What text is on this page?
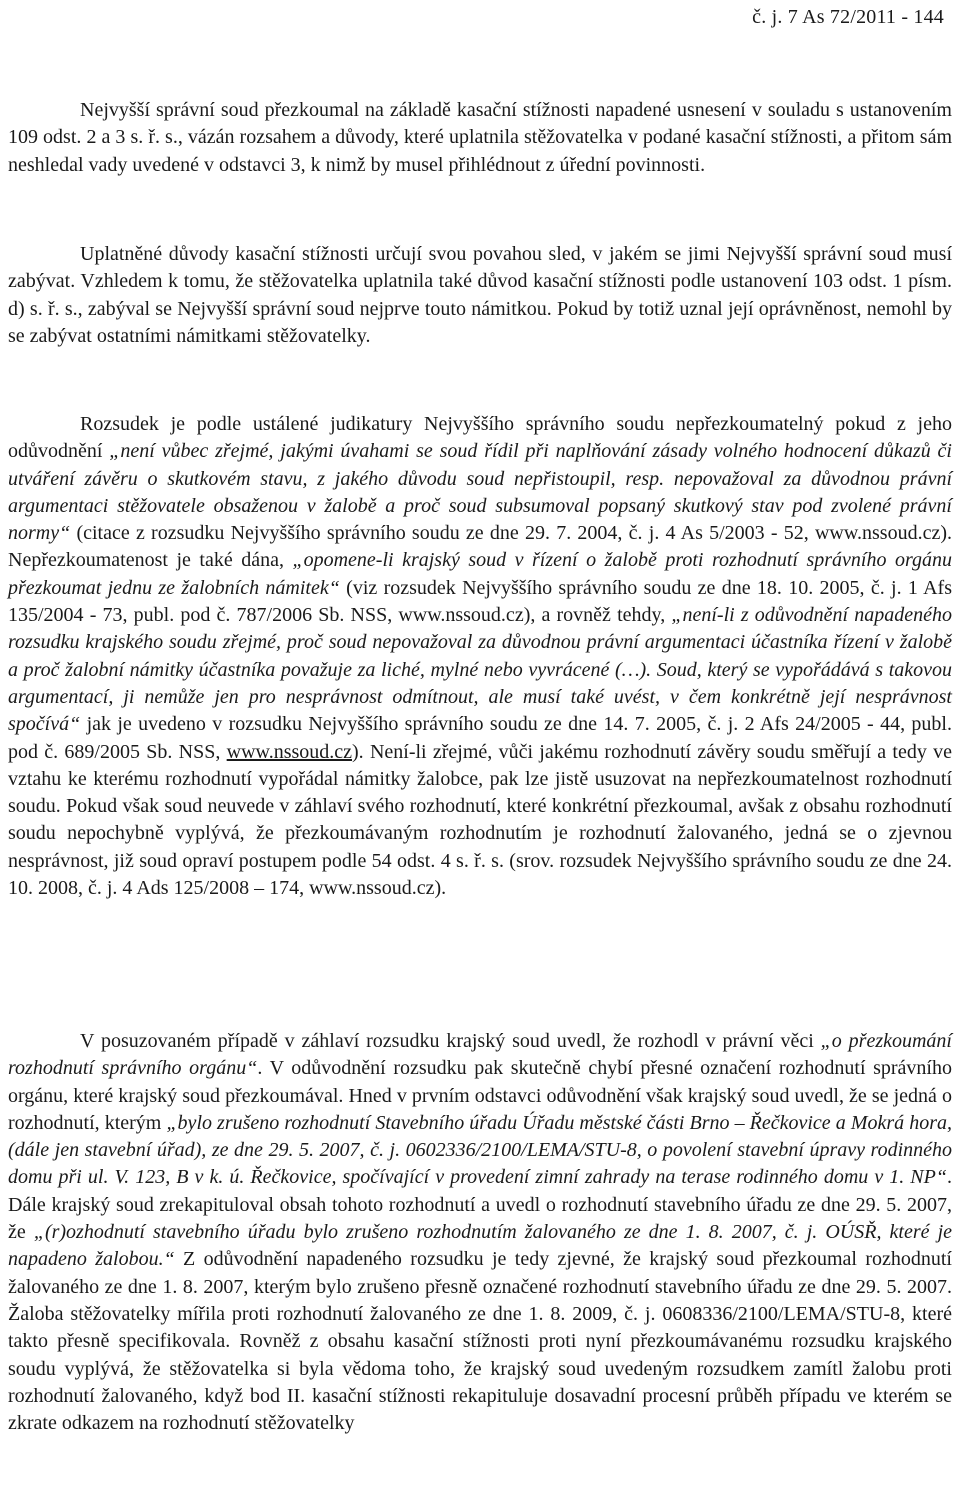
č. j. 7 As 72/2011 - 144

Nejvyšší správní soud přezkoumal na základě kasační stížnosti napadené usnesení v souladu s ustanovením 109 odst. 2 a 3 s. ř. s., vázán rozsahem a důvody, které uplatnila stěžovatelka v podané kasační stížnosti, a přitom sám neshledal vady uvedené v odstavci 3, k nimž by musel přihlédnout z úřední povinnosti.

Uplatněné důvody kasační stížnosti určují svou povahou sled, v jakém se jimi Nejvyšší správní soud musí zabývat. Vzhledem k tomu, že stěžovatelka uplatnila také důvod kasační stížnosti podle ustanovení 103 odst. 1 písm. d) s. ř. s., zabýval se Nejvyšší správní soud nejprve touto námitkou. Pokud by totiž uznal její oprávněnost, nemohl by se zabývat ostatními námitkami stěžovatelky.

Rozsudek je podle ustálené judikatury Nejvyššího správního soudu nepřezkoumatelný pokud z jeho odůvodnění „není vůbec zřejmé, jakými úvahami se soud řídil při naplňování zásady volného hodnocení důkazů či utváření závěru o skutkovém stavu, z jakého důvodu soud nepřistoupil, resp. nepovažoval za důvodnou právní argumentaci stěžovatele obsaženou v žalobě a proč soud subsumoval popsaný skutkový stav pod zvolené právní normy“ (citace z rozsudku Nejvyššího správního soudu ze dne 29. 7. 2004, č. j. 4 As 5/2003 - 52, www.nssoud.cz). Nepřezkoumatenost je také dána, „opomene-li krajský soud v řízení o žalobě proti rozhodnutí správního orgánu přezkoumat jednu ze žalobních námitek“ (viz rozsudek Nejvyššího správního soudu ze dne 18. 10. 2005, č. j. 1 Afs 135/2004 - 73, publ. pod č. 787/2006 Sb. NSS, www.nssoud.cz), a rovněž tehdy, „není-li z odůvodnění napadeného rozsudku krajského soudu zřejmé, proč soud nepovažoval za důvodnou právní argumentaci účastníka řízení v žalobě a proč žalobní námitky účastníka považuje za liché, mylné nebo vyvrácené (…). Soud, který se vypořádává s takovou argumentací, ji nemůže jen pro nesprávnost odmítnout, ale musí také uvést, v čem konkrétně její nesprávnost spočívá“ jak je uvedeno v rozsudku Nejvyššího správního soudu ze dne 14. 7. 2005, č. j. 2 Afs 24/2005 - 44, publ. pod č. 689/2005 Sb. NSS, www.nssoud.cz). Není-li zřejmé, vůči jakému rozhodnutí závěry soudu směřují a tedy ve vztahu ke kterému rozhodnutí vypořádal námitky žalobce, pak lze jistě usuzovat na nepřezkoumatelnost rozhodnutí soudu. Pokud však soud neuvede v záhlaví svého rozhodnutí, které konkrétní přezkoumal, avšak z obsahu rozhodnutí soudu nepochybně vyplývá, že přezkoumávaným rozhodnutím je rozhodnutí žalovaného, jedná se o zjevnou nesprávnost, již soud opraví postupem podle 54 odst. 4 s. ř. s. (srov. rozsudek Nejvyššího správního soudu ze dne 24. 10. 2008, č. j. 4 Ads 125/2008 – 174, www.nssoud.cz).

V posuzovaném případě v záhlaví rozsudku krajský soud uvedl, že rozhodl v právní věci „o přezkoumání rozhodnutí správního orgánu“. V odůvodnění rozsudku pak skutečně chybí přesné označení rozhodnutí správního orgánu, které krajský soud přezkoumával. Hned v prvním odstavci odůvodnění však krajský soud uvedl, že se jedná o rozhodnutí, kterým „bylo zrušeno rozhodnutí Stavebního úřadu Úřadu městské části Brno – Řečkovice a Mokrá hora, (dále jen stavební úřad), ze dne 29. 5. 2007, č. j. 0602336/2100/LEMA/STU-8, o povolení stavební úpravy rodinného domu při ul. V. 123, B v k. ú. Řečkovice, spočívající v provedení zimní zahrady na terase rodinného domu v 1. NP“. Dále krajský soud zrekapituloval obsah tohoto rozhodnutí a uvedl o rozhodnutí stavebního úřadu ze dne 29. 5. 2007, že „(r)ozhodnutí stavebního úřadu bylo zrušeno rozhodnutím žalovaného ze dne 1. 8. 2007, č. j. OÚSŘ, které je napadeno žalobou.“ Z odůvodnění napadeného rozsudku je tedy zjevné, že krajský soud přezkoumal rozhodnutí žalovaného ze dne 1. 8. 2007, kterým bylo zrušeno přesně označené rozhodnutí stavebního úřadu ze dne 29. 5. 2007. Žaloba stěžovatelky mířila proti rozhodnutí žalovaného ze dne 1. 8. 2009, č. j. 0608336/2100/LEMA/STU-8, které takto přesně specifikovala. Rovněž z obsahu kasační stížnosti proti nyní přezkoumávanému rozsudku krajského soudu vyplývá, že stěžovatelka si byla vědoma toho, že krajský soud uvedeným rozsudkem zamítl žalobu proti rozhodnutí žalovaného, když bod II. kasační stížnosti rekapituluje dosavadní procesní průběh případu ve kterém se zkrate odkazem na rozhodnutí stěžovatelky
